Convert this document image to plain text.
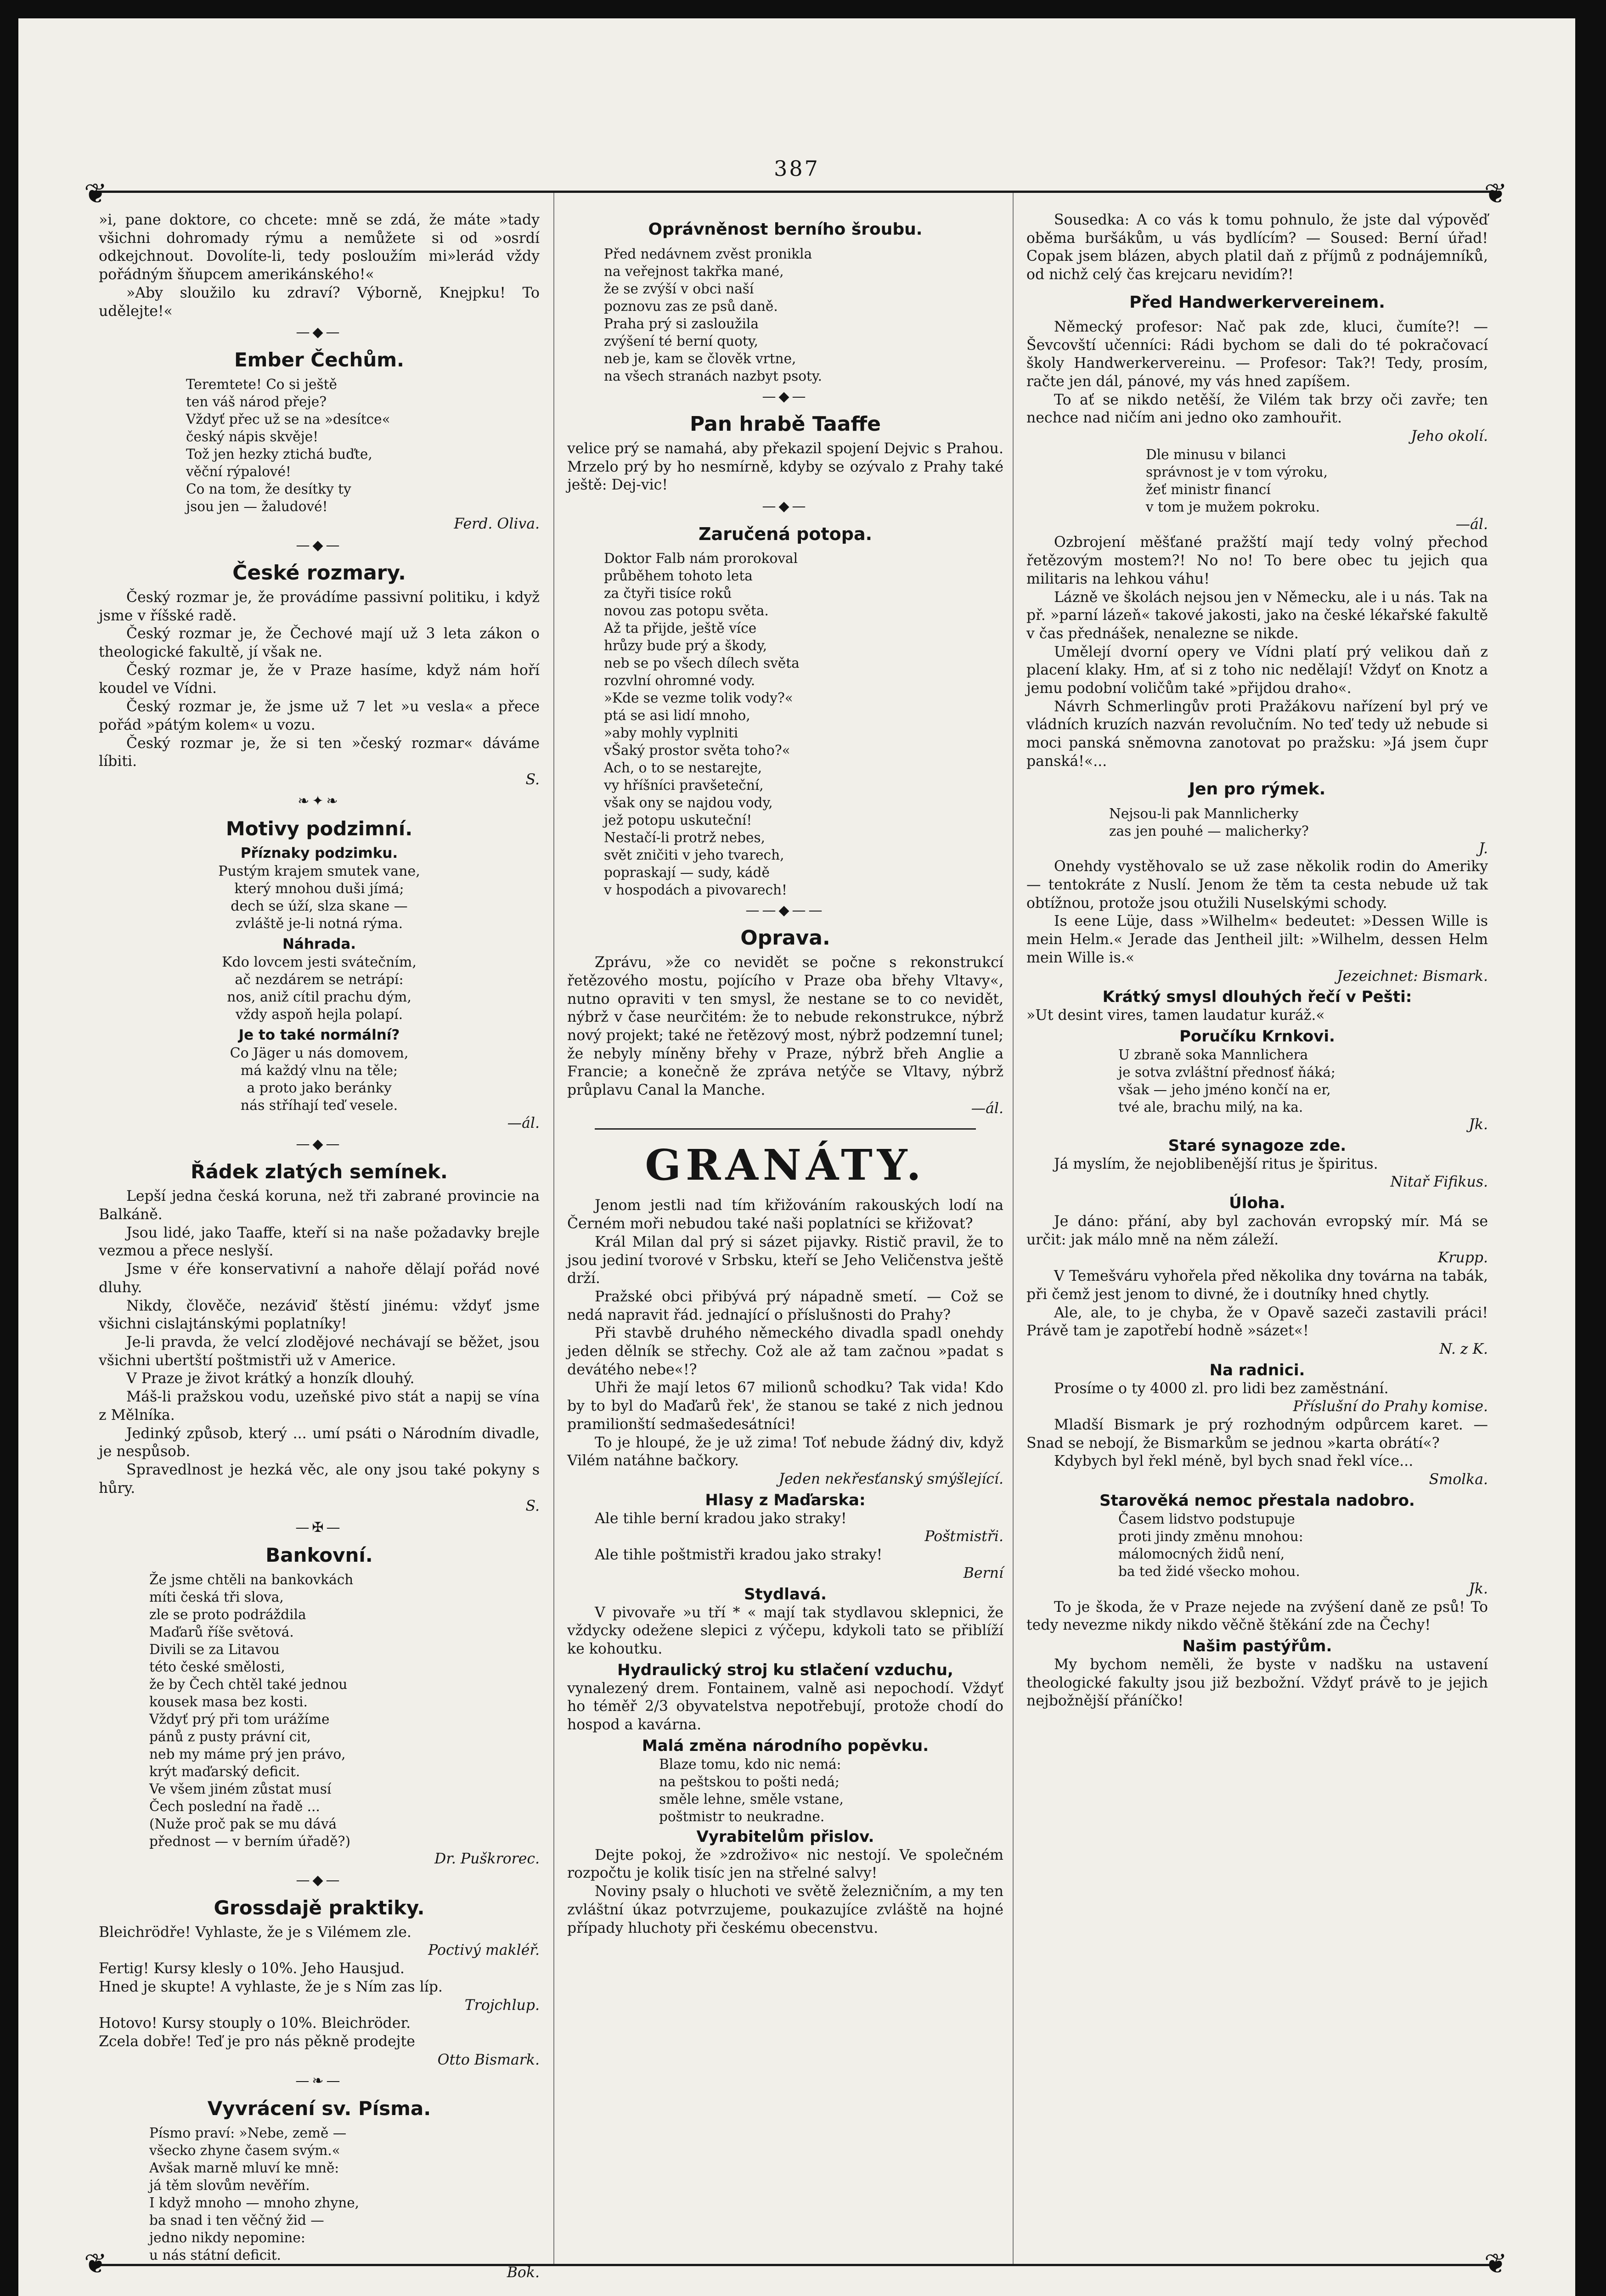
387
❦	❦
❦	❦

»i, pane doktore, co chcete: mně se zdá, že máte »tady všichni dohromady rýmu a nemůžete si od »osrdí odkejchnout. Dovolíte-li, tedy posloužím mi»lerád vždy pořádným šňupcem amerikánského!«

»Aby sloužilo ku zdraví? Výborně, Knejpku! To udělejte!«

—◆—
Ember Čechům.
Teremtete! Co si ještě
ten váš národ přeje?
Vždyť přec už se na »desítce«
český nápis skvěje!
Tož jen hezky ztichá buďte,
věční rýpalové!
Co na tom, že desítky ty
jsou jen — žaludové!
Ferd. Oliva.
—◆—
České rozmary.

Český rozmar je, že provádíme passivní politiku, i když jsme v říšské radě.

Český rozmar je, že Čechové mají už 3 leta zákon o theologické fakultě, jí však ne.

Český rozmar je, že v Praze hasíme, když nám hoří koudel ve Vídni.

Český rozmar je, že jsme už 7 let »u vesla« a přece pořád »pátým kolem« u vozu.

Český rozmar je, že si ten »český rozmar« dáváme líbiti.

S.
❧✦❧
Motivy podzimní.
Příznaky podzimku.
Pustým krajem smutek vane,
který mnohou duši jímá;
dech se úží, slza skane —
zvláště je-li notná rýma.
Náhrada.
Kdo lovcem jesti svátečním,
ač nezdárem se netrápí:
nos, aniž cítil prachu dým,
vždy aspoň hejla polapí.
Je to také normální?
Co Jäger u nás domovem,
má každý vlnu na těle;
a proto jako beránky
nás stříhají teď vesele.
—ál.
—◆—
Řádek zlatých semínek.

Lepší jedna česká koruna, než tři zabrané provincie na Balkáně.

Jsou lidé, jako Taaffe, kteří si na naše požadavky brejle vezmou a přece neslyší.

Jsme v éře konservativní a nahoře dělají pořád nové dluhy.

Nikdy, člověče, nezáviď štěstí jinému: vždyť jsme všichni cislajtánskými poplatníky!

Je-li pravda, že velcí zlodějové nechávají se běžet, jsou všichni ubertští poštmistři už v Americe.

V Praze je život krátký a honzík dlouhý.

Máš-li pražskou vodu, uzeňské pivo stát a napij se vína z Mělníka.

Jedinký způsob, který ... umí psáti o Národním divadle, je nespůsob.

Spravedlnost je hezká věc, ale ony jsou také pokyny s hůry.

S.
—✠—
Bankovní.
Že jsme chtěli na bankovkách
míti česká tři slova,
zle se proto podráždila
Maďarů říše světová.
Divili se za Litavou
této české smělosti,
že by Čech chtěl také jednou
kousek masa bez kosti.
Vždyť prý při tom urážíme
pánů z pusty právní cit,
neb my máme prý jen právo,
krýt maďarský deficit.
Ve všem jiném zůstat musí
Čech poslední na řadě ...
(Nuže proč pak se mu dává
přednost — v berním úřadě?)
Dr. Puškrorec.
—◆—
Grossdajě praktiky.

Bleichrödře! Vyhlaste, že je s Vilémem zle.

Poctivý makléř.

Fertig! Kursy klesly o 10%. Jeho Hausjud.

Hned je skupte! A vyhlaste, že je s Ním zas líp.

Trojchlup.

Hotovo! Kursy stouply o 10%. Bleichröder.

Zcela dobře! Teď je pro nás pěkně prodejte

Otto Bismark.
—❧—
Vyvrácení sv. Písma.
Písmo praví: »Nebe, země —
všecko zhyne časem svým.«
Avšak marně mluví ke mně:
já těm slovům nevěřím.
I když mnoho — mnoho zhyne,
ba snad i ten věčný žid —
jedno nikdy nepomine:
u nás státní deficit.
Bok.
Oprávněnost berního šroubu.
Před nedávnem zvěst pronikla
na veřejnost takřka mané,
že se zvýší v obci naší
poznovu zas ze psů daně.
Praha prý si zasloužila
zvýšení té berní quoty,
neb je, kam se člověk vrtne,
na všech stranách nazbyt psoty.
—◆—
Pan hrabě Taaffe

velice prý se namahá, aby překazil spojení Dejvic s Prahou. Mrzelo prý by ho nesmírně, kdyby se ozývalo z Prahy také ještě: Dej-vic!

—◆—
Zaručená potopa.
Doktor Falb nám prorokoval
průběhem tohoto leta
za čtyři tisíce roků
novou zas potopu světa.
Až ta přijde, ještě více
hrůzy bude prý a škody,
neb se po všech dílech světa
rozvlní ohromné vody.
»Kde se vezme tolik vody?«
ptá se asi lidí mnoho,
»aby mohly vyplniti
vŠaký prostor světa toho?«
Ach, o to se nestarejte,
vy hříšníci pravšeteční,
však ony se najdou vody,
jež potopu uskuteční!
Nestačí-li protrž nebes,
svět zničiti v jeho tvarech,
popraskají — sudy, kádě
v hospodách a pivovarech!
——◆——
Oprava.

Zprávu, »že co nevidět se počne s rekonstrukcí řetězového mostu, pojícího v Praze oba břehy Vltavy«, nutno opraviti v ten smysl, že nestane se to co nevidět, nýbrž v čase neurčitém: že to nebude rekonstrukce, nýbrž nový projekt; také ne řetězový most, nýbrž podzemní tunel; že nebyly míněny břehy v Praze, nýbrž břeh Anglie a Francie; a konečně že zpráva netýče se Vltavy, nýbrž průplavu Canal la Manche.

—ál.
GRANÁTY.

Jenom jestli nad tím křižováním rakouských lodí na Černém moři nebudou také naši poplatníci se křižovat?

Král Milan dal prý si sázet pijavky. Ristič pravil, že to jsou jediní tvorové v Srbsku, kteří se Jeho Veličenstva ještě drží.

Pražské obci přibývá prý nápadně smetí. — Což se nedá napravit řád. jednající o příslušnosti do Prahy?

Při stavbě druhého německého divadla spadl onehdy jeden dělník se střechy. Což ale až tam začnou »padat s devátého nebe«!?

Uhři že mají letos 67 milionů schodku? Tak vida! Kdo by to byl do Maďarů řek', že stanou se také z nich jednou pramilionští sedmašedesátníci!

To je hloupé, že je už zima! Toť nebude žádný div, když Vilém natáhne bačkory.

Jeden nekřesťanský smýšlející.
Hlasy z Maďarska:

Ale tihle berní kradou jako straky!

Poštmistři.

Ale tihle poštmistři kradou jako straky!

Berní
Stydlavá.

V pivovaře »u tří * « mají tak stydlavou sklepnici, že vždycky odežene slepici z výčepu, kdykoli tato se přiblíží ke kohoutku.

Hydraulický stroj ku stlačení vzduchu,

vynalezený drem. Fontainem, valně asi nepochodí. Vždyť ho téměř 2/3 obyvatelstva nepotřebují, protože chodí do hospod a kavárna.

Malá změna národního popěvku.
Blaze tomu, kdo nic nemá:
na peštskou to pošti nedá;
směle lehne, směle vstane,
poštmistr to neukradne.
Vyrabitelům přislov.

Dejte pokoj, že »zdroživo« nic nestojí. Ve společném rozpočtu je kolik tisíc jen na střelné salvy!

Noviny psaly o hluchoti ve světě železničním, a my ten zvláštní úkaz potvrzujeme, poukazujíce zvláště na hojné případy hluchoty při českému obecenstvu.

Sousedka: A co vás k tomu pohnulo, že jste dal výpověď oběma buršákům, u vás bydlícím? — Soused: Berní úřad! Copak jsem blázen, abych platil daň z příjmů z podnájemníků, od nichž celý čas krejcaru nevidím?!

Před Handwerkervereinem.

Německý profesor: Nač pak zde, kluci, čumíte?! — Ševcovští učenníci: Rádi bychom se dali do té pokračovací školy Handwerkervereinu. — Profesor: Tak?! Tedy, prosím, račte jen dál, pánové, my vás hned zapíšem.

To ať se nikdo netěší, že Vilém tak brzy oči zavře; ten nechce nad ničím ani jedno oko zamhouřit.

Jeho okolí.
Dle minusu v bilanci
správnost je v tom výroku,
žeť ministr financí
v tom je mužem pokroku.
—ál.

Ozbrojení měšťané pražští mají tedy volný přechod řetězovým mostem?! No no! To bere obec tu jejich qua militaris na lehkou váhu!

Lázně ve školách nejsou jen v Německu, ale i u nás. Tak na př. »parní lázeň« takové jakosti, jako na české lékařské fakultě v čas přednášek, nenalezne se nikde.

Umělejí dvorní opery ve Vídni platí prý velikou daň z placení klaky. Hm, ať si z toho nic nedělají! Vždyť on Knotz a jemu podobní voličům také »přijdou draho«.

Návrh Schmerlingův proti Pražákovu nařízení byl prý ve vládních kruzích nazván revolučním. No teď tedy už nebude si moci panská sněmovna zanotovat po pražsku: »Já jsem čupr panská!«...

Jen pro rýmek.
Nejsou-li pak Mannlicherky
zas jen pouhé — malicherky?
J.

Onehdy vystěhovalo se už zase několik rodin do Ameriky — tentokráte z Nuslí. Jenom že těm ta cesta nebude už tak obtížnou, protože jsou otužili Nuselskými schody.

Is eene Lüje, dass »Wilhelm« bedeutet: »Dessen Wille is mein Helm.« Jerade das Jentheil jilt: »Wilhelm, dessen Helm mein Wille is.«

Jezeichnet: Bismark.
Krátký smysl dlouhých řečí v Pešti:

»Ut desint vires, tamen laudatur kuráž.«

Poručíku Krnkovi.
U zbraně soka Mannlichera
je sotva zvláštní přednosť ňáká;
však — jeho jméno končí na er,
tvé ale, brachu milý, na ka.
Jk.
Staré synagoze zde.

Já myslím, že nejoblibenější ritus je špiritus.

Nitař Fifikus.
Úloha.

Je dáno: přání, aby byl zachován evropský mír. Má se určit: jak málo mně na něm záleží.

Krupp.

V Temešváru vyhořela před několika dny továrna na tabák, při čemž jest jenom to divné, že i doutníky hned chytly.

Ale, ale, to je chyba, že v Opavě sazeči zastavili práci! Právě tam je zapotřebí hodně »sázet«!

N. z K.
Na radnici.

Prosíme o ty 4000 zl. pro lidi bez zaměstnání.

Příslušní do Prahy komise.

Mladší Bismark je prý rozhodným odpůrcem karet. — Snad se nebojí, že Bismarkům se jednou »karta obrátí«?

Kdybych byl řekl méně, byl bych snad řekl více...

Smolka.
Starověká nemoc přestala nadobro.
Časem lidstvo podstupuje
proti jindy změnu mnohou:
málomocných židů není,
ba ted židé všecko mohou.
Jk.

To je škoda, že v Praze nejede na zvýšení daně ze psů! To tedy nevezme nikdy nikdo věčně štěkání zde na Čechy!

Našim pastýřům.

My bychom neměli, že byste v nadšku na ustavení theologické fakulty jsou již bezbožní. Vždyť právě to je jejich nejbožnější přáníčko!
